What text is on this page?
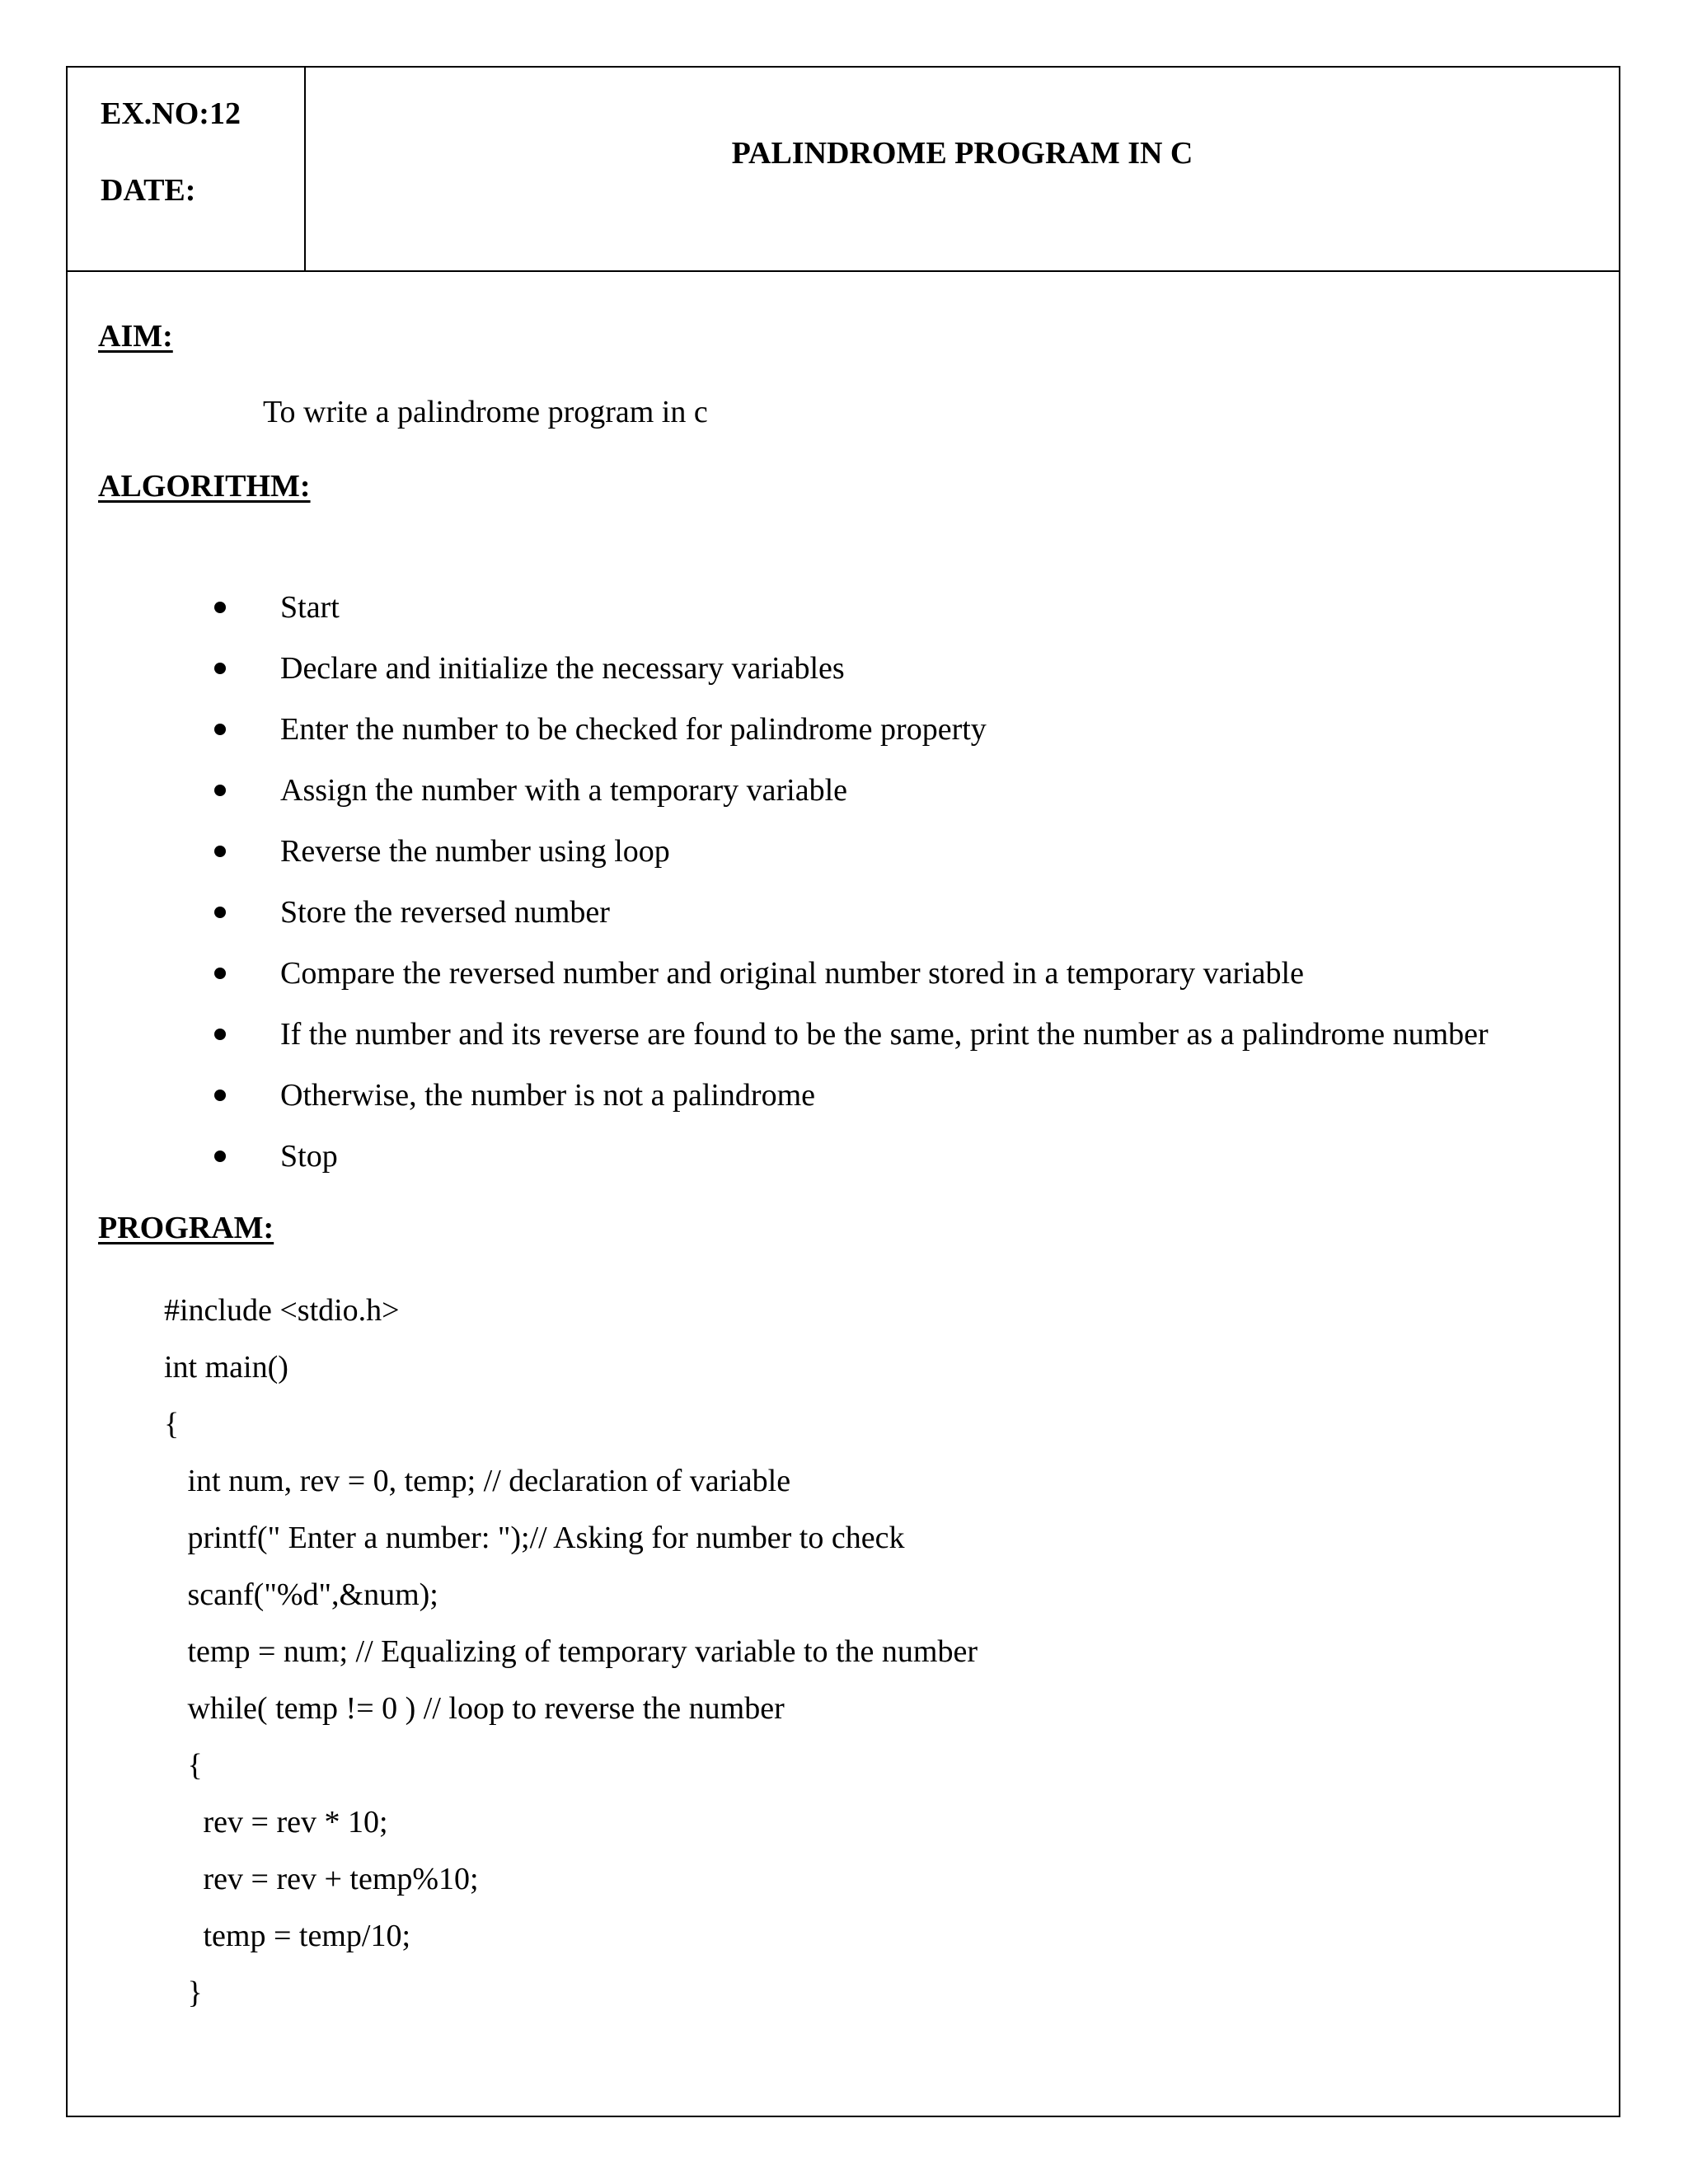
EX.NO:12
DATE:
PALINDROME PROGRAM IN C
AIM:
To write a palindrome program in c
ALGORITHM:
Start
Declare and initialize the necessary variables
Enter the number to be checked for palindrome property
Assign the number with a temporary variable
Reverse the number using loop
Store the reversed number
Compare the reversed number and original number stored in a temporary variable
If the number and its reverse are found to be the same, print the number as a palindrome number
Otherwise, the number is not a palindrome
Stop
PROGRAM:
#include <stdio.h>
int main()
{
int num, rev = 0, temp; // declaration of variable
printf(" Enter a number: ");// Asking for number to check
scanf("%d",&num);
temp = num; // Equalizing of temporary variable to the number
while( temp != 0 ) // loop to reverse the number
{
rev = rev * 10;
rev = rev + temp%10;
temp = temp/10;
}
